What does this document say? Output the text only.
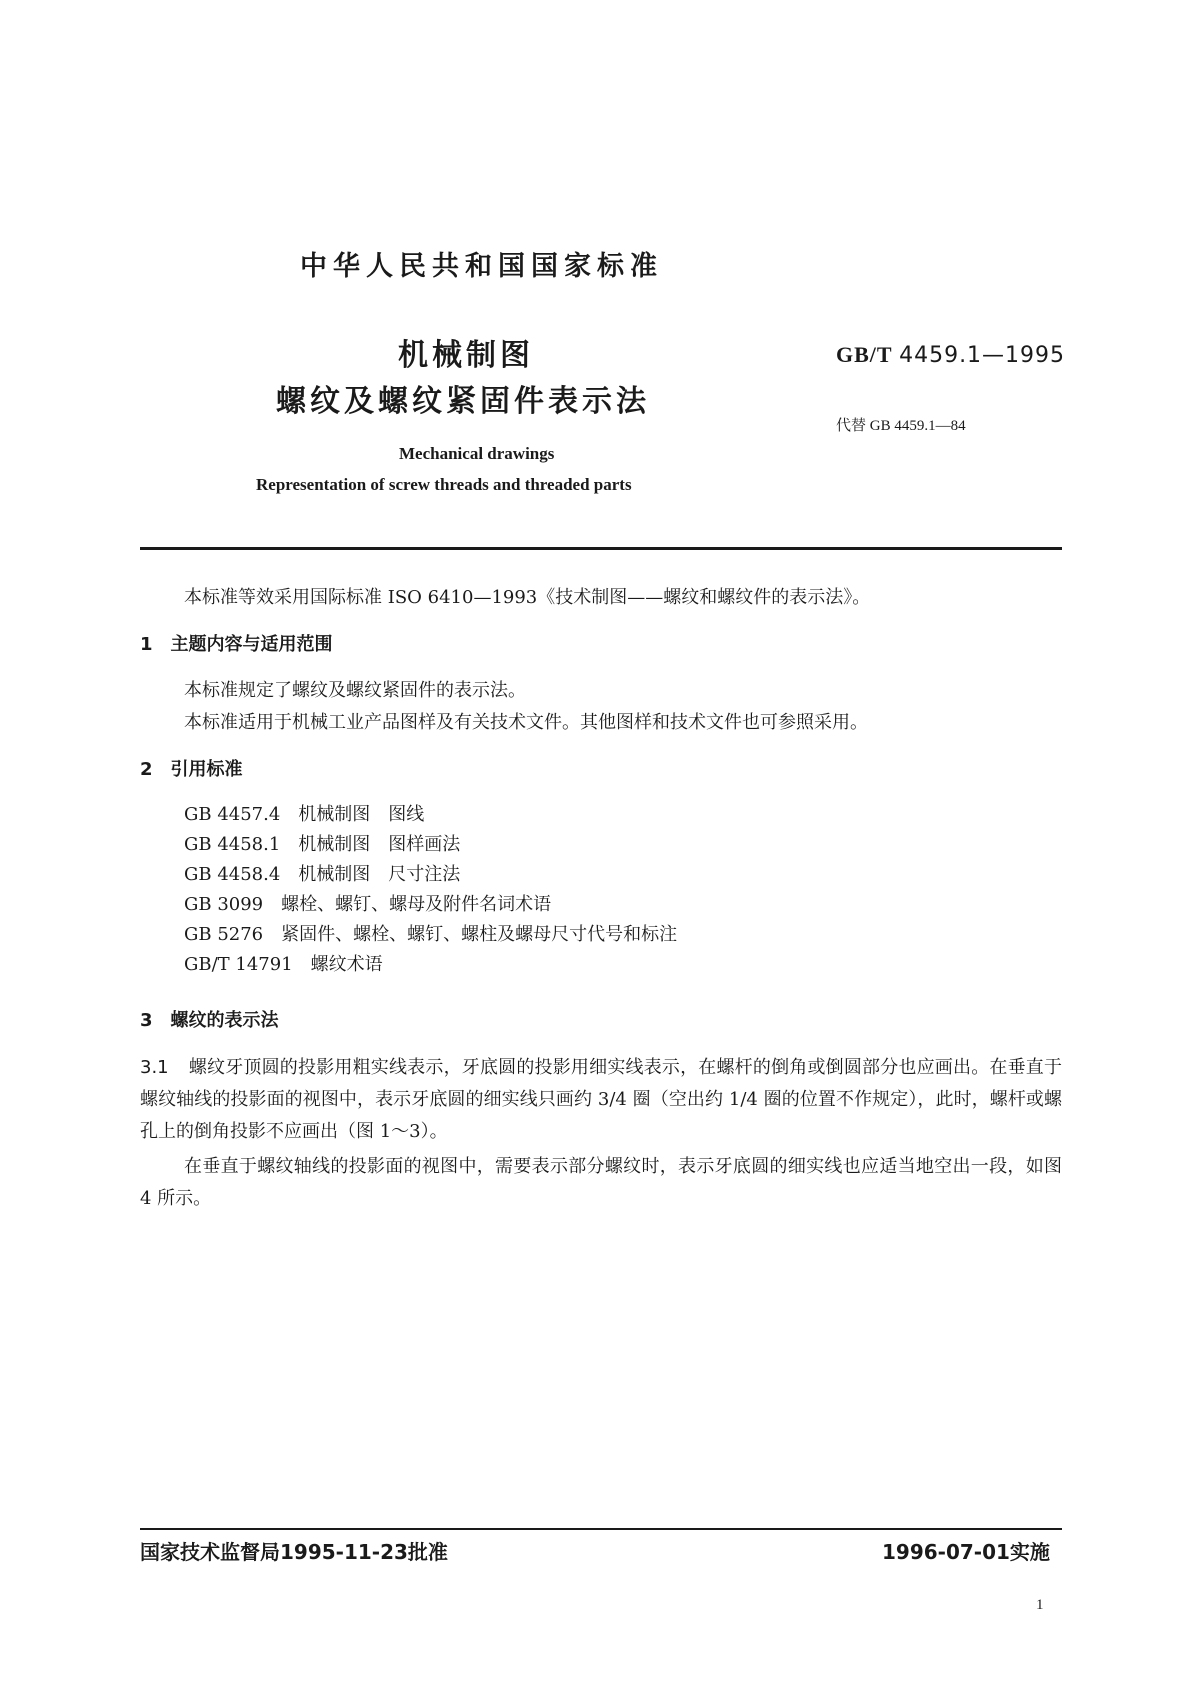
中华人民共和国国家标准
机械制图
螺纹及螺纹紧固件表示法
GB/T 4459.1—1995
代替 GB 4459.1—84
Mechanical drawings
Representation of screw threads and threaded parts
本标准等效采用国际标准 ISO 6410—1993《技术制图——螺纹和螺纹件的表示法》。
1　主题内容与适用范围
本标准规定了螺纹及螺纹紧固件的表示法。
本标准适用于机械工业产品图样及有关技术文件。其他图样和技术文件也可参照采用。
2　引用标准
GB 4457.4　机械制图　图线
GB 4458.1　机械制图　图样画法
GB 4458.4　机械制图　尺寸注法
GB 3099　螺栓、螺钉、螺母及附件名词术语
GB 5276　紧固件、螺栓、螺钉、螺柱及螺母尺寸代号和标注
GB/T 14791　螺纹术语
3　螺纹的表示法
3.1 螺纹牙顶圆的投影用粗实线表示，牙底圆的投影用细实线表示，在螺杆的倒角或倒圆部分也应画出。在垂直于螺纹轴线的投影面的视图中，表示牙底圆的细实线只画约 3/4 圈（空出约 1/4 圈的位置不作规定），此时，螺杆或螺孔上的倒角投影不应画出（图 1～3）。
在垂直于螺纹轴线的投影面的视图中，需要表示部分螺纹时，表示牙底圆的细实线也应适当地空出一段，如图 4 所示。
国家技术监督局1995-11-23批准	1996-07-01实施
1
